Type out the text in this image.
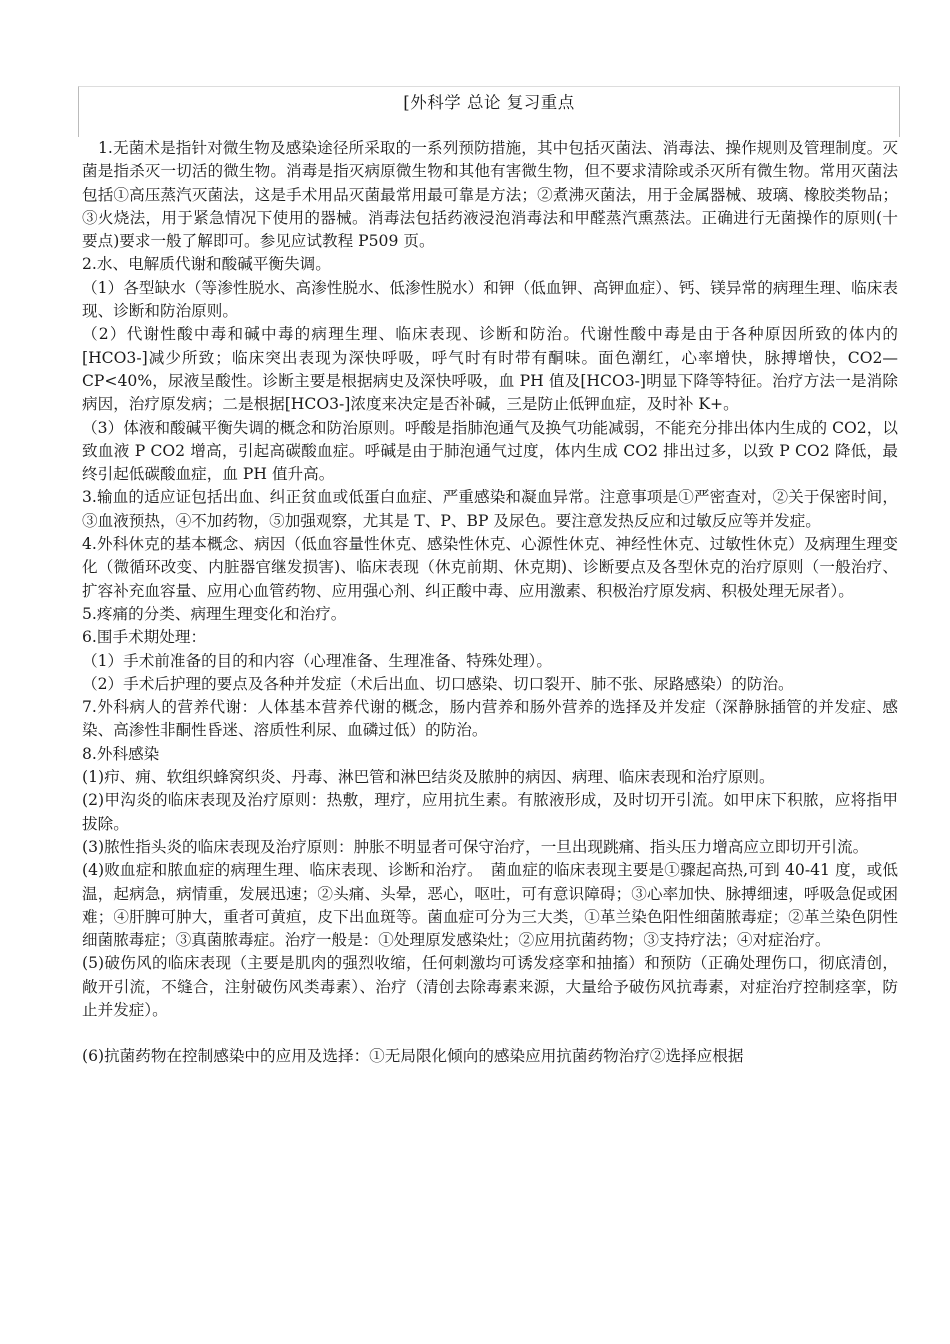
[外科学 总论 复习重点

1.无菌术是指针对微生物及感染途径所采取的一系列预防措施，其中包括灭菌法、消毒法、操作规则及管理制度。灭菌是指杀灭一切活的微生物。消毒是指灭病原微生物和其他有害微生物，但不要求清除或杀灭所有微生物。常用灭菌法包括①高压蒸汽灭菌法，这是手术用品灭菌最常用最可靠是方法；②煮沸灭菌法，用于金属器械、玻璃、橡胶类物品；③火烧法，用于紧急情况下使用的器械。消毒法包括药液浸泡消毒法和甲醛蒸汽熏蒸法。正确进行无菌操作的原则(十要点)要求一般了解即可。参见应试教程 P509 页。

2.水、电解质代谢和酸碱平衡失调。

（1）各型缺水（等渗性脱水、高渗性脱水、低渗性脱水）和钾（低血钾、高钾血症）、钙、镁异常的病理生理、临床表现、诊断和防治原则。

（2）代谢性酸中毒和碱中毒的病理生理、临床表现、诊断和防治。代谢性酸中毒是由于各种原因所致的体内的[HCO3-]减少所致；临床突出表现为深快呼吸，呼气时有时带有酮味。面色潮红，心率增快，脉搏增快，CO2—CP<40%，尿液呈酸性。诊断主要是根据病史及深快呼吸，血 PH 值及[HCO3-]明显下降等特征。治疗方法一是消除病因，治疗原发病；二是根据[HCO3-]浓度来决定是否补碱，三是防止低钾血症，及时补 K+。

（3）体液和酸碱平衡失调的概念和防治原则。呼酸是指肺泡通气及换气功能减弱，不能充分排出体内生成的 CO2，以致血液 P CO2 增高，引起高碳酸血症。呼碱是由于肺泡通气过度，体内生成 CO2 排出过多，以致 P CO2 降低，最终引起低碳酸血症，血 PH 值升高。

3.输血的适应证包括出血、纠正贫血或低蛋白血症、严重感染和凝血异常。注意事项是①严密查对，②关于保密时间，③血液预热，④不加药物，⑤加强观察，尤其是 T、P、BP 及尿色。要注意发热反应和过敏反应等并发症。

4.外科休克的基本概念、病因（低血容量性休克、感染性休克、心源性休克、神经性休克、过敏性休克）及病理生理变化（微循环改变、内脏器官继发损害)、临床表现（休克前期、休克期)、诊断要点及各型休克的治疗原则（一般治疗、扩容补充血容量、应用心血管药物、应用强心剂、纠正酸中毒、应用激素、积极治疗原发病、积极处理无尿者）。

5.疼痛的分类、病理生理变化和治疗。

6.围手术期处理：

（1）手术前准备的目的和内容（心理准备、生理准备、特殊处理）。

（2）手术后护理的要点及各种并发症（术后出血、切口感染、切口裂开、肺不张、尿路感染）的防治。

7.外科病人的营养代谢：人体基本营养代谢的概念，肠内营养和肠外营养的选择及并发症（深静脉插管的并发症、感染、高渗性非酮性昏迷、溶质性利尿、血磷过低）的防治。

8.外科感染

(1)疖、痈、软组织蜂窝织炎、丹毒、淋巴管和淋巴结炎及脓肿的病因、病理、临床表现和治疗原则。

(2)甲沟炎的临床表现及治疗原则：热敷，理疗，应用抗生素。有脓液形成，及时切开引流。如甲床下积脓，应将指甲拔除。

(3)脓性指头炎的临床表现及治疗原则：肿胀不明显者可保守治疗，一旦出现跳痛、指头压力增高应立即切开引流。

(4)败血症和脓血症的病理生理、临床表现、诊断和治疗。　菌血症的临床表现主要是①骤起高热,可到 40-41 度，或低温，起病急，病情重，发展迅速；②头痛、头晕，恶心，呕吐，可有意识障碍；③心率加快、脉搏细速，呼吸急促或困难；④肝脾可肿大，重者可黄疸，皮下出血斑等。菌血症可分为三大类，①革兰染色阳性细菌脓毒症；②革兰染色阴性细菌脓毒症；③真菌脓毒症。治疗一般是：①处理原发感染灶；②应用抗菌药物；③支持疗法；④对症治疗。

(5)破伤风的临床表现（主要是肌肉的强烈收缩，任何刺激均可诱发痉挛和抽搐）和预防（正确处理伤口，彻底清创，敞开引流，不缝合，注射破伤风类毒素）、治疗（清创去除毒素来源，大量给予破伤风抗毒素，对症治疗控制痉挛，防止并发症）。

(6)抗菌药物在控制感染中的应用及选择：①无局限化倾向的感染应用抗菌药物治疗②选择应根据
